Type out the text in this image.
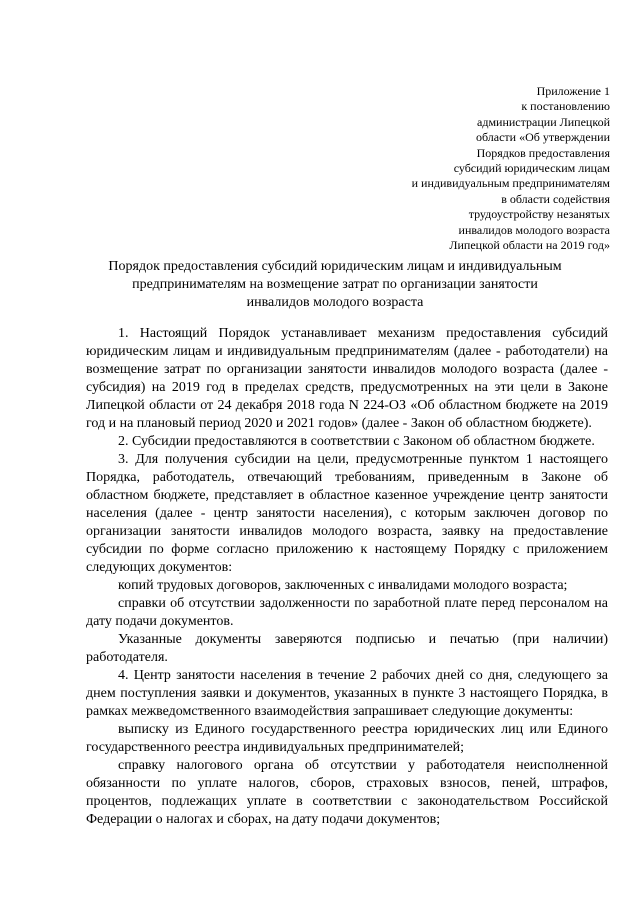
Приложение 1
к постановлению
администрации Липецкой
области «Об утверждении
Порядков предоставления
субсидий юридическим лицам
и индивидуальным предпринимателям
в области содействия
трудоустройству незанятых
инвалидов молодого возраста
Липецкой области на 2019 год»
Порядок предоставления субсидий юридическим лицам и индивидуальным
предпринимателям на возмещение затрат по организации занятости
инвалидов молодого возраста

1. Настоящий Порядок устанавливает механизм предоставления субсидий юридическим лицам и индивидуальным предпринимателям (далее - работодатели) на возмещение затрат по организации занятости инвалидов молодого возраста (далее - субсидия) на 2019 год в пределах средств, предусмотренных на эти цели в Законе Липецкой области от 24 декабря 2018 года N 224-ОЗ «Об областном бюджете на 2019 год и на плановый период 2020 и 2021 годов» (далее - Закон об областном бюджете).

2. Субсидии предоставляются в соответствии с Законом об областном бюджете.

3. Для получения субсидии на цели, предусмотренные пунктом 1 настоящего Порядка, работодатель, отвечающий требованиям, приведенным в Законе об областном бюджете, представляет в областное казенное учреждение центр занятости населения (далее - центр занятости населения), с которым заключен договор по организации занятости инвалидов молодого возраста, заявку на предоставление субсидии по форме согласно приложению к настоящему Порядку с приложением следующих документов:

копий трудовых договоров, заключенных с инвалидами молодого возраста;

справки об отсутствии задолженности по заработной плате перед персоналом на дату подачи документов.

Указанные документы заверяются подписью и печатью (при наличии) работодателя.

4. Центр занятости населения в течение 2 рабочих дней со дня, следующего за днем поступления заявки и документов, указанных в пункте 3 настоящего Порядка, в рамках межведомственного взаимодействия запрашивает следующие документы:

выписку из Единого государственного реестра юридических лиц или Единого государственного реестра индивидуальных предпринимателей;

справку налогового органа об отсутствии у работодателя неисполненной обязанности по уплате налогов, сборов, страховых взносов, пеней, штрафов, процентов, подлежащих уплате в соответствии с законодательством Российской Федерации о налогах и сборах, на дату подачи документов;
